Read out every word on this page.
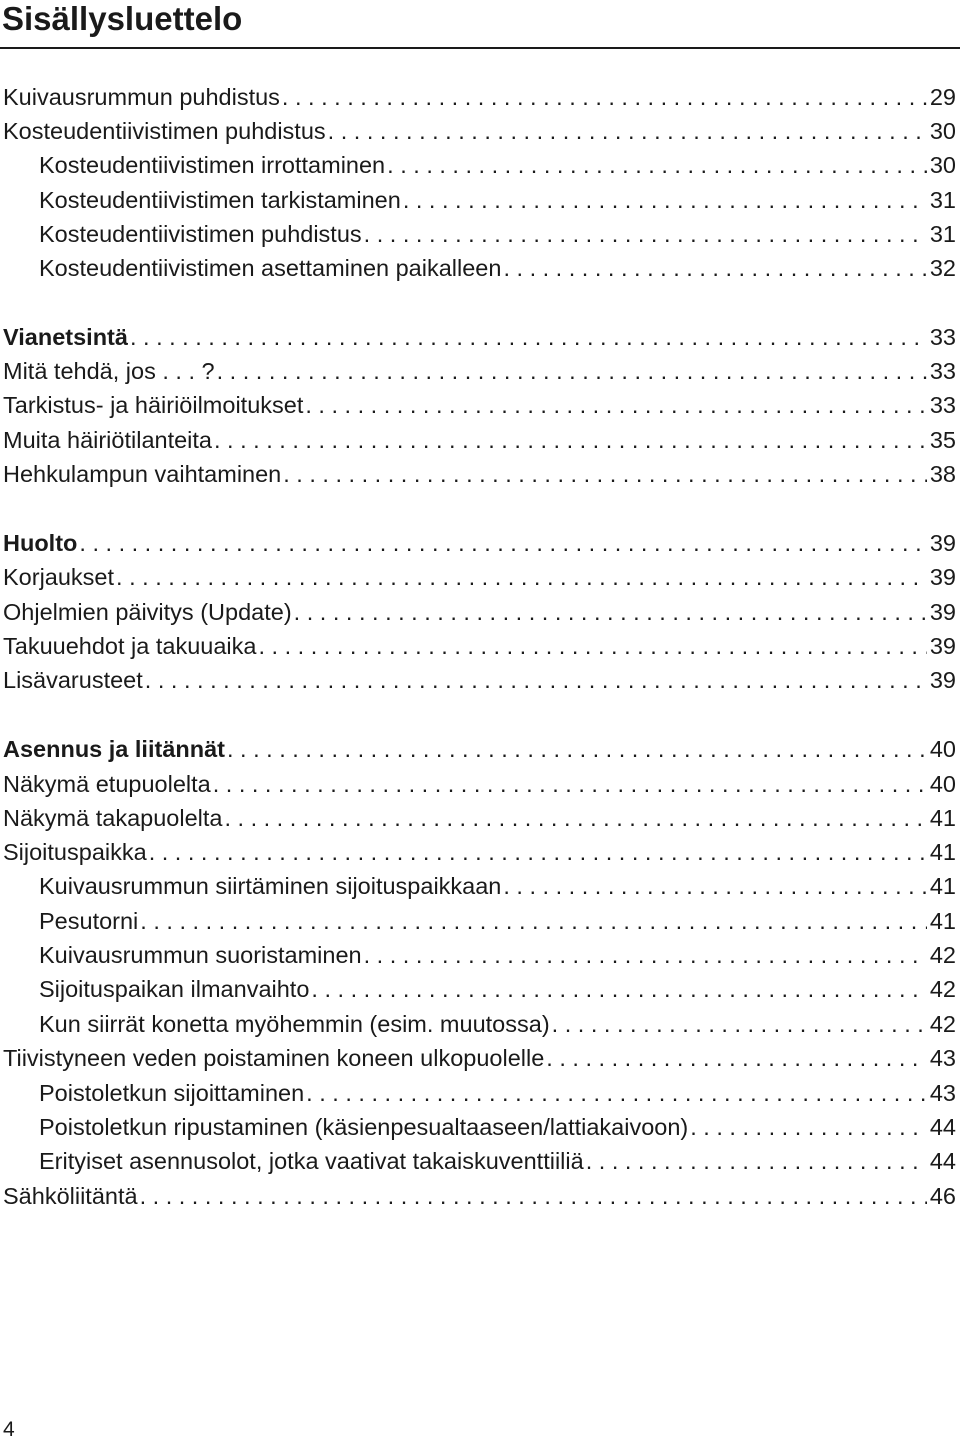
Sisällysluettelo
Kuivausrummun puhdistus . . .	29
Kosteudentiivistimen puhdistus . . .	30
Kosteudentiivistimen irrottaminen . . .	30
Kosteudentiivistimen tarkistaminen . . .	31
Kosteudentiivistimen puhdistus . . .	31
Kosteudentiivistimen asettaminen paikalleen . . .	32
Vianetsintä . . .	33
Mitä tehdä, jos . . . ? . . .	33
Tarkistus- ja häiriöilmoitukset . . .	33
Muita häiriötilanteita . . .	35
Hehkulampun vaihtaminen . . .	38
Huolto . . .	39
Korjaukset . . .	39
Ohjelmien päivitys (Update) . . .	39
Takuuehdot ja takuuaika . . .	39
Lisävarusteet . . .	39
Asennus ja liitännät . . .	40
Näkymä etupuolelta . . .	40
Näkymä takapuolelta . . .	41
Sijoituspaikka . . .	41
Kuivausrummun siirtäminen sijoituspaikkaan . . .	41
Pesutorni . . .	41
Kuivausrummun suoristaminen . . .	42
Sijoituspaikan ilmanvaihto . . .	42
Kun siirrät konetta myöhemmin (esim. muutossa) . . .	42
Tiivistyneen veden poistaminen koneen ulkopuolelle . . .	43
Poistoletkun sijoittaminen . . .	43
Poistoletkun ripustaminen (käsienpesualtaaseen/lattiakaivoon) . . .	44
Erityiset asennusolot, jotka vaativat takaiskuventtiiliä . . .	44
Sähköliitäntä . . .	46
4
